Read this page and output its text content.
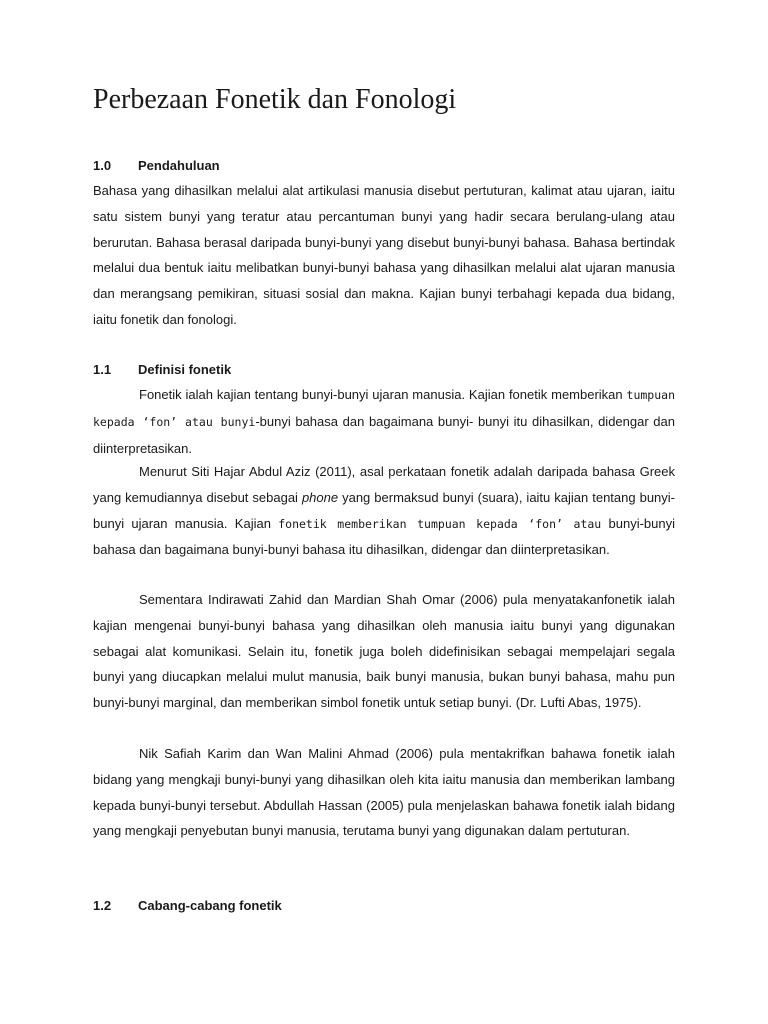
Perbezaan Fonetik dan Fonologi
1.0 Pendahuluan

Bahasa yang dihasilkan melalui alat artikulasi manusia disebut pertuturan, kalimat atau ujaran, iaitu satu sistem bunyi yang teratur atau percantuman bunyi yang hadir secara berulang-ulang atau berurutan. Bahasa berasal daripada bunyi-bunyi yang disebut bunyi-bunyi bahasa. Bahasa bertindak melalui dua bentuk iaitu melibatkan bunyi-bunyi bahasa yang dihasilkan melalui alat ujaran manusia dan merangsang pemikiran, situasi sosial dan makna. Kajian bunyi terbahagi kepada dua bidang, iaitu fonetik dan fonologi.

1.1 Definisi fonetik

Fonetik ialah kajian tentang bunyi-bunyi ujaran manusia. Kajian fonetik memberikan tumpuan kepada ‘fon’ atau bunyi-bunyi bahasa dan bagaimana bunyi- bunyi itu dihasilkan, didengar dan diinterpretasikan.

Menurut Siti Hajar Abdul Aziz (2011), asal perkataan fonetik adalah daripada bahasa Greek yang kemudiannya disebut sebagai phone yang bermaksud bunyi (suara), iaitu kajian tentang bunyi-bunyi ujaran manusia. Kajian fonetik memberikan tumpuan kepada ‘fon’ atau bunyi-bunyi bahasa dan bagaimana bunyi-bunyi bahasa itu dihasilkan, didengar dan diinterpretasikan.

Sementara Indirawati Zahid dan Mardian Shah Omar (2006) pula menyatakanfonetik ialah kajian mengenai bunyi-bunyi bahasa yang dihasilkan oleh manusia iaitu bunyi yang digunakan sebagai alat komunikasi. Selain itu, fonetik juga boleh didefinisikan sebagai mempelajari segala bunyi yang diucapkan melalui mulut manusia, baik bunyi manusia, bukan bunyi bahasa, mahu pun bunyi-bunyi marginal, dan memberikan simbol fonetik untuk setiap bunyi. (Dr. Lufti Abas, 1975).

Nik Safiah Karim dan Wan Malini Ahmad (2006) pula mentakrifkan bahawa fonetik ialah bidang yang mengkaji bunyi-bunyi yang dihasilkan oleh kita iaitu manusia dan memberikan lambang kepada bunyi-bunyi tersebut. Abdullah Hassan (2005) pula menjelaskan bahawa fonetik ialah bidang yang mengkaji penyebutan bunyi manusia, terutama bunyi yang digunakan dalam pertuturan.

1.2 Cabang-cabang fonetik
